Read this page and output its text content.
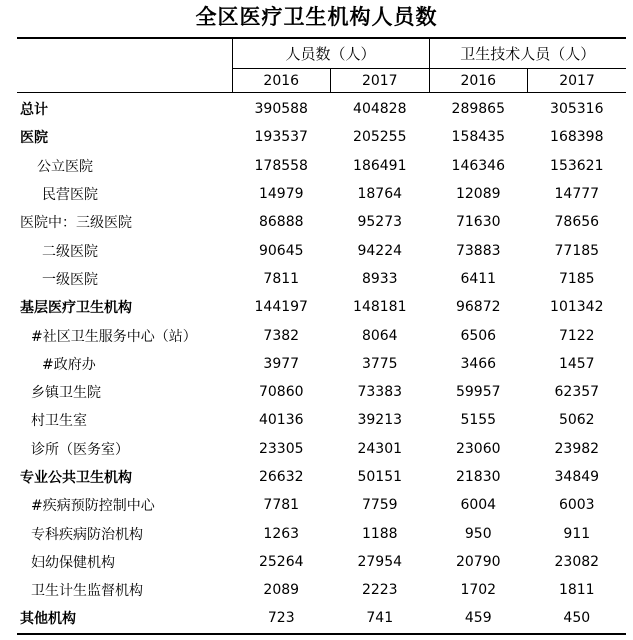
全区医疗卫生机构人员数
	人员数（人）		卫生技术人员（人）	
	2016	2017	2016	2017
总计	390588	404828	289865	305316
医院	193537	205255	158435	168398
公立医院	178558	186491	146346	153621
民营医院	14979	18764	12089	14777
医院中：三级医院	86888	95273	71630	78656
二级医院	90645	94224	73883	77185
一级医院	7811	8933	6411	7185
基层医疗卫生机构	144197	148181	96872	101342
#社区卫生服务中心（站）	7382	8064	6506	7122
#政府办	3977	3775	3466	1457
乡镇卫生院	70860	73383	59957	62357
村卫生室	40136	39213	5155	5062
诊所（医务室）	23305	24301	23060	23982
专业公共卫生机构	26632	50151	21830	34849
#疾病预防控制中心	7781	7759	6004	6003
专科疾病防治机构	1263	1188	950	911
妇幼保健机构	25264	27954	20790	23082
卫生计生监督机构	2089	2223	1702	1811
其他机构	723	741	459	450
